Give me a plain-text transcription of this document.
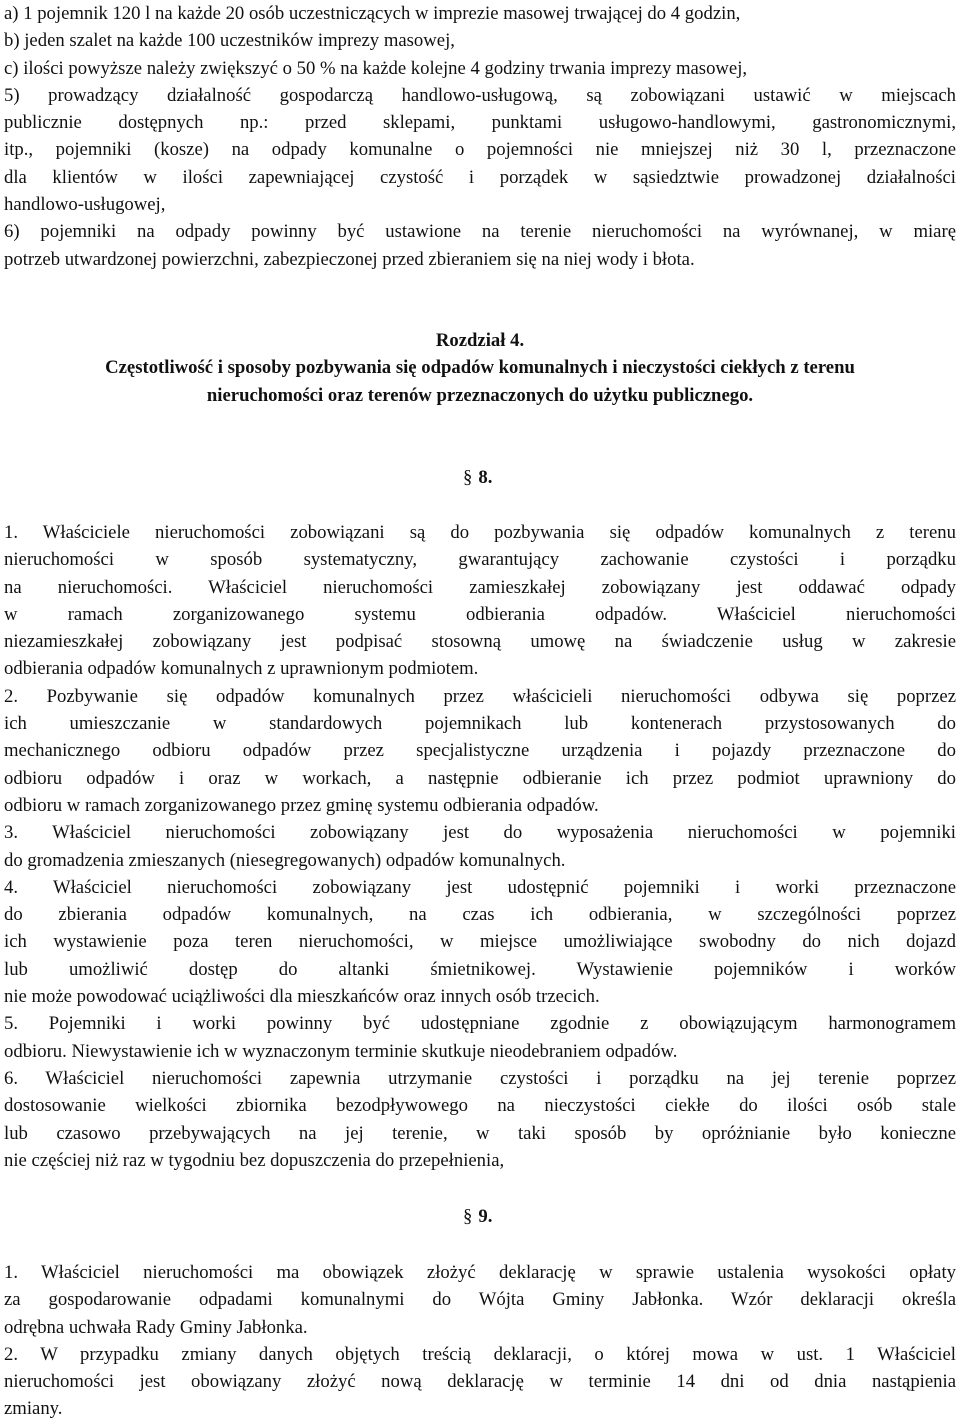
a) 1 pojemnik 120 l na każde 20 osób uczestniczących w imprezie masowej trwającej do 4 godzin,
b) jeden szalet na każde 100 uczestników imprezy masowej,
c) ilości powyższe należy zwiększyć o 50 % na każde kolejne 4 godziny trwania imprezy masowej,
5) prowadzący działalność gospodarczą handlowo-usługową, są zobowiązani ustawić w miejscach
publicznie dostępnych np.: przed sklepami, punktami usługowo-handlowymi, gastronomicznymi,
itp., pojemniki (kosze) na odpady komunalne o pojemności nie mniejszej niż 30 l, przeznaczone
dla klientów w ilości zapewniającej czystość i porządek w sąsiedztwie prowadzonej działalności
handlowo-usługowej,
6) pojemniki na odpady powinny być ustawione na terenie nieruchomości na wyrównanej, w miarę
potrzeb utwardzonej powierzchni, zabezpieczonej przed zbieraniem się na niej wody i błota.
Rozdział 4.
Częstotliwość i sposoby pozbywania się odpadów komunalnych i nieczystości ciekłych z terenu
nieruchomości oraz terenów przeznaczonych do użytku publicznego.
§ 8.
1. Właściciele nieruchomości zobowiązani są do pozbywania się odpadów komunalnych z terenu
nieruchomości w sposób systematyczny, gwarantujący zachowanie czystości i porządku
na nieruchomości. Właściciel nieruchomości zamieszkałej zobowiązany jest oddawać odpady
w ramach zorganizowanego systemu odbierania odpadów. Właściciel nieruchomości
niezamieszkałej zobowiązany jest podpisać stosowną umowę na świadczenie usług w zakresie
odbierania odpadów komunalnych z uprawnionym podmiotem.
2. Pozbywanie się odpadów komunalnych przez właścicieli nieruchomości odbywa się poprzez
ich umieszczanie w standardowych pojemnikach lub kontenerach przystosowanych do
mechanicznego odbioru odpadów przez specjalistyczne urządzenia i pojazdy przeznaczone do
odbioru odpadów i oraz w workach, a następnie odbieranie ich przez podmiot uprawniony do
odbioru w ramach zorganizowanego przez gminę systemu odbierania odpadów.
3. Właściciel nieruchomości zobowiązany jest do wyposażenia nieruchomości w pojemniki
do gromadzenia zmieszanych (niesegregowanych) odpadów komunalnych.
4. Właściciel nieruchomości zobowiązany jest udostępnić pojemniki i worki przeznaczone
do zbierania odpadów komunalnych, na czas ich odbierania, w szczególności poprzez
ich wystawienie poza teren nieruchomości, w miejsce umożliwiające swobodny do nich dojazd
lub umożliwić dostęp do altanki śmietnikowej. Wystawienie pojemników i worków
nie może powodować uciążliwości dla mieszkańców oraz innych osób trzecich.
5. Pojemniki i worki powinny być udostępniane zgodnie z obowiązującym harmonogramem
odbioru. Niewystawienie ich w wyznaczonym terminie skutkuje nieodebraniem odpadów.
6. Właściciel nieruchomości zapewnia utrzymanie czystości i porządku na jej terenie poprzez
dostosowanie wielkości zbiornika bezodpływowego na nieczystości ciekłe do ilości osób stale
lub czasowo przebywających na jej terenie, w taki sposób by opróżnianie było konieczne
nie częściej niż raz w tygodniu bez dopuszczenia do przepełnienia,
§ 9.
1. Właściciel nieruchomości ma obowiązek złożyć deklarację w sprawie ustalenia wysokości opłaty
za gospodarowanie odpadami komunalnymi do Wójta Gminy Jabłonka. Wzór deklaracji określa
odrębna uchwała Rady Gminy Jabłonka.
2. W przypadku zmiany danych objętych treścią deklaracji, o której mowa w ust. 1 Właściciel
nieruchomości jest obowiązany złożyć nową deklarację w terminie 14 dni od dnia nastąpienia
zmiany.
